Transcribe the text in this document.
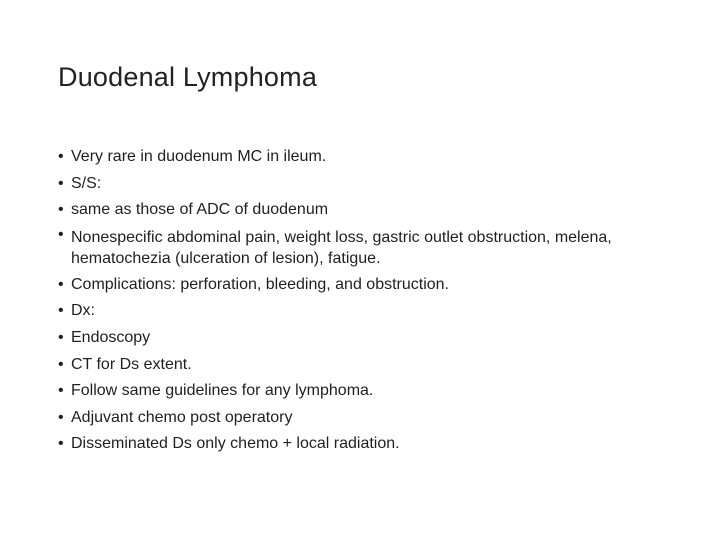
Duodenal Lymphoma
• Very rare in duodenum MC in ileum.
• S/S:
• same as those of ADC of duodenum
• Nonespecific abdominal pain, weight loss, gastric outlet obstruction, melena, hematochezia (ulceration of lesion), fatigue.
• Complications: perforation, bleeding, and obstruction.
• Dx:
• Endoscopy
• CT for Ds extent.
• Follow same guidelines for any lymphoma.
• Adjuvant chemo post operatory
• Disseminated Ds only chemo + local radiation.
